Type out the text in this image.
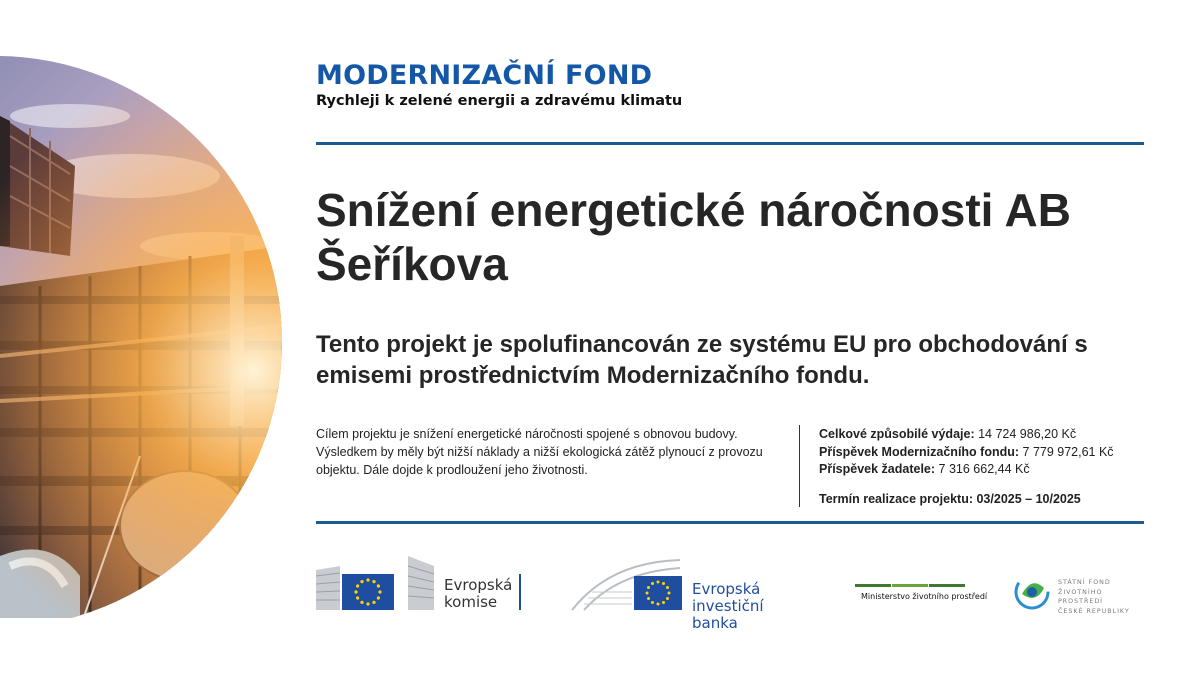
MODERNIZAČNÍ FOND
Rychleji k zelené energii a zdravému klimatu
Snížení energetické náročnosti AB Šeříkova

Tento projekt je spolufinancován ze systému EU pro obchodování s emisemi prostřednictvím Modernizačního fondu.

Cílem projektu je snížení energetické náročnosti spojené s obnovou budovy. Výsledkem by měly být nižší náklady a nižší ekologická zátěž plynoucí z provozu objektu. Dále dojde k prodloužení jeho životnosti.

Celkové způsobilé výdaje: 14 724 986,20 Kč
Příspěvek Modernizačního fondu: 7 779 972,61 Kč
Příspěvek žadatele: 7 316 662,44 Kč
Termín realizace projektu: 03/2025 – 10/2025
Evropská
komise
Evropská
investiční banka
Ministerstvo životního prostředí
STÁTNÍ FOND
ŽIVOTNÍHO PROSTŘEDÍ
ČESKÉ REPUBLIKY
